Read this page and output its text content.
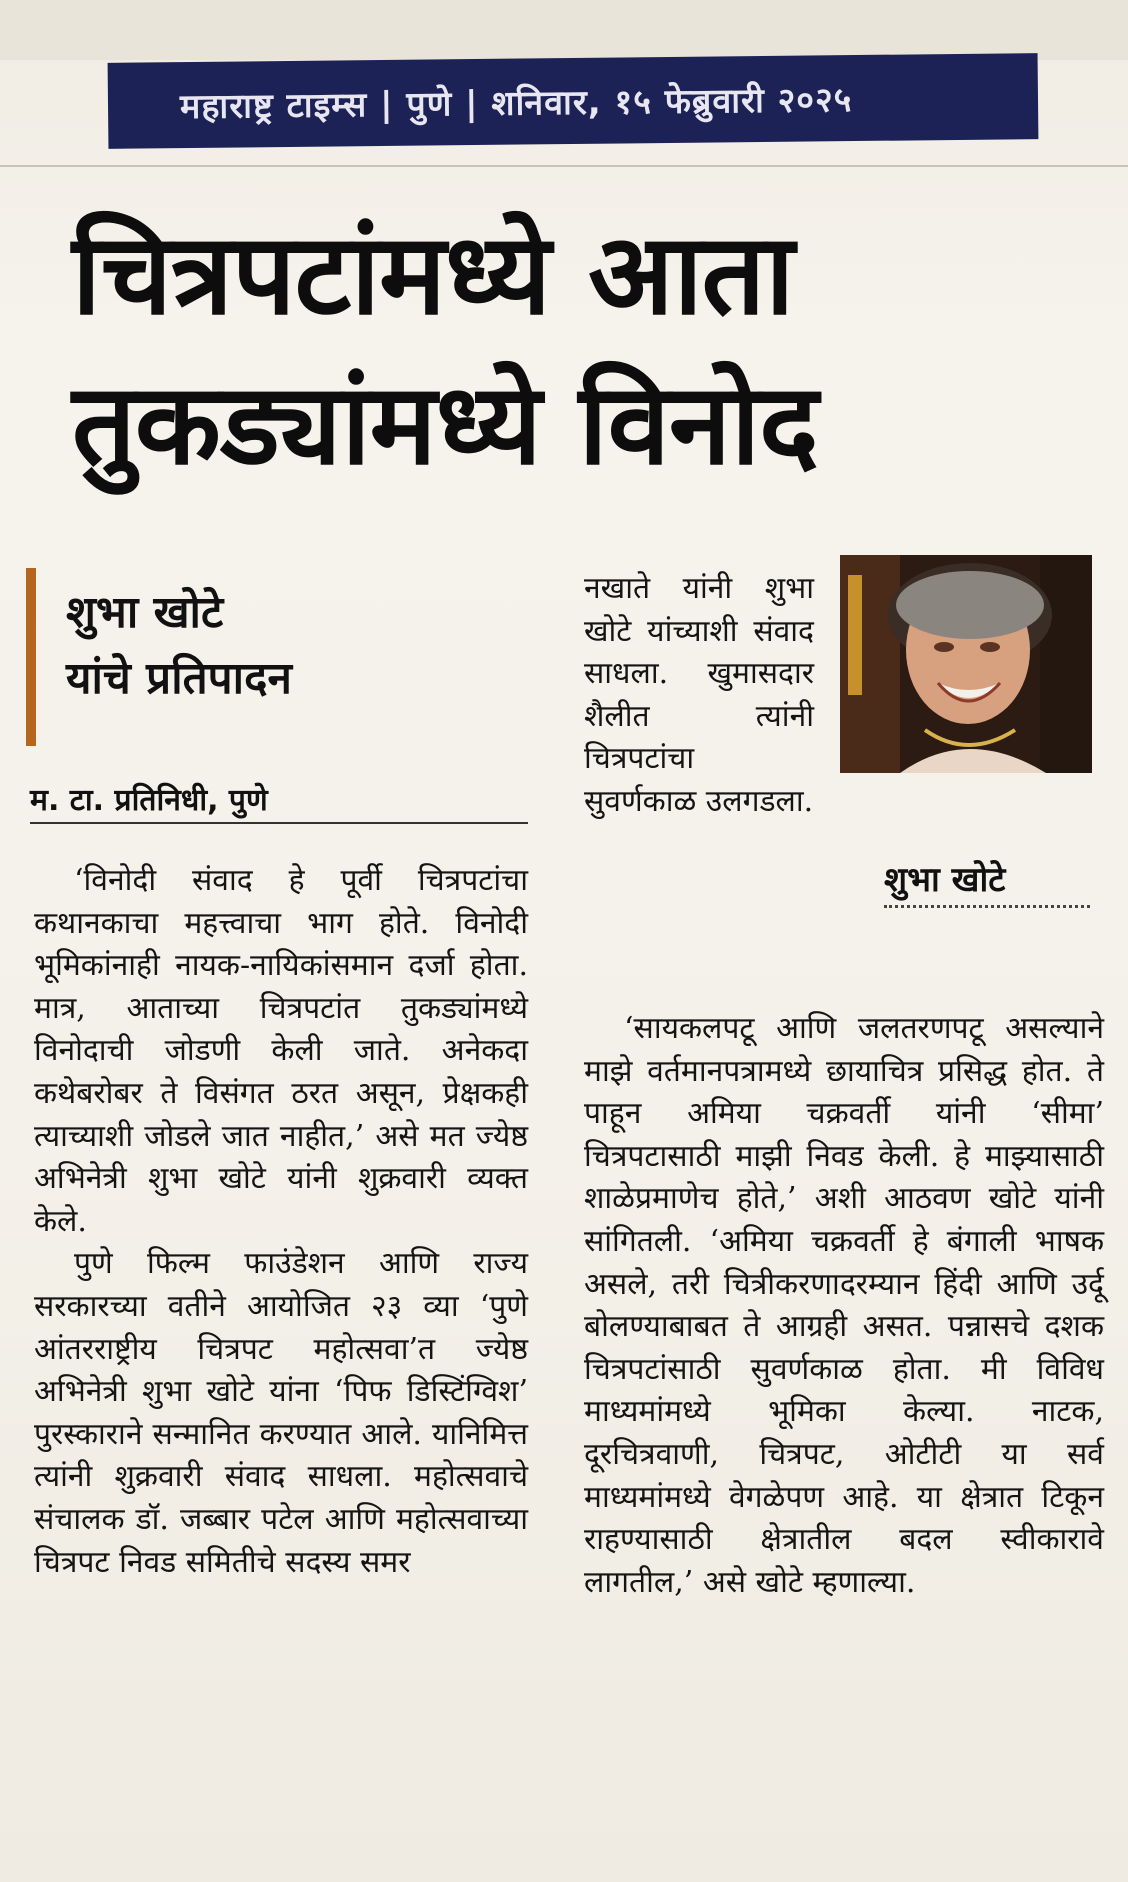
महाराष्ट्र टाइम्स | पुणे | शनिवार, १५ फेब्रुवारी २०२५
चित्रपटांमध्ये आता
तुकड्यांमध्ये विनोद
शुभा खोटे
यांचे प्रतिपादन
म. टा. प्रतिनिधी, पुणे

‘विनोदी संवाद हे पूर्वी चित्रपटांचा कथानकाचा महत्त्वाचा भाग होते. विनोदी भूमिकांनाही नायक-नायिकांसमान दर्जा होता. मात्र, आताच्या चित्रपटांत तुकड्यांमध्ये विनोदाची जोडणी केली जाते. अनेकदा कथेबरोबर ते विसंगत ठरत असून, प्रेक्षकही त्याच्याशी जोडले जात नाहीत,’ असे मत ज्येष्ठ अभिनेत्री शुभा खोटे यांनी शुक्रवारी व्यक्त केले.

पुणे फिल्म फाउंडेशन आणि राज्य सरकारच्या वतीने आयोजित २३ व्या ‘पुणे आंतरराष्ट्रीय चित्रपट महोत्सवा’त ज्येष्ठ अभिनेत्री शुभा खोटे यांना ‘पिफ डिस्टिंग्विश’ पुरस्काराने सन्मानित करण्यात आले. यानिमित्त त्यांनी शुक्रवारी संवाद साधला. महोत्सवाचे संचालक डॉ. जब्बार पटेल आणि महोत्सवाच्या चित्रपट निवड समितीचे सदस्य समर

नखाते यांनी शुभा खोटे यांच्याशी संवाद साधला. खुमासदार शैलीत त्यांनी चित्रपटांचा सुवर्णकाळ उलगडला.

शुभा खोटे

‘सायकलपटू आणि जलतरणपटू असल्याने माझे वर्तमानपत्रामध्ये छायाचित्र प्रसिद्ध होत. ते पाहून अमिया चक्रवर्ती यांनी ‘सीमा’ चित्रपटासाठी माझी निवड केली. हे माझ्यासाठी शाळेप्रमाणेच होते,’ अशी आठवण खोटे यांनी सांगितली. ‘अमिया चक्रवर्ती हे बंगाली भाषक असले, तरी चित्रीकरणादरम्यान हिंदी आणि उर्दू बोलण्याबाबत ते आग्रही असत. पन्नासचे दशक चित्रपटांसाठी सुवर्णकाळ होता. मी विविध माध्यमांमध्ये भूमिका केल्या. नाटक, दूरचित्रवाणी, चित्रपट, ओटीटी या सर्व माध्यमांमध्ये वेगळेपण आहे. या क्षेत्रात टिकून राहण्यासाठी क्षेत्रातील बदल स्वीकारावे लागतील,’ असे खोटे म्हणाल्या.
